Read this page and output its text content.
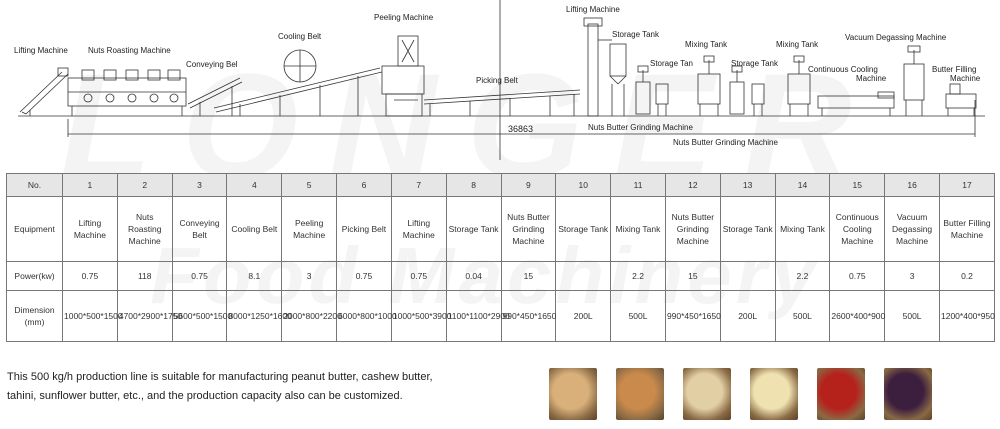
Lifting Machine	Nuts Roasting Machine
Conveying Bel
Cooling Belt
Peeling Machine
Picking Belt
Lifting Machine
Storage Tank
Storage Tan
Mixing Tank
Storage Tank
Mixing Tank
Vacuum Degassing Machine
Continuous Cooling
Machine
Butter Filling
Machine
36863	Nuts Butter Grinding Machine
Nuts Butter Grinding Machine
No.	1	2	3	4	5	6	7	8	9	10	11	12	13	14	15	16	17
Equipment	Lifting Machine	Nuts Roasting Machine	Conveying Belt	Cooling Belt	Peeling Machine	Picking Belt	Lifting Machine	Storage Tank	Nuts Butter Grinding Machine	Storage Tank	Mixing Tank	Nuts Butter Grinding Machine	Storage Tank	Mixing Tank	Continuous Cooling Machine	Vacuum Degassing Machine	Butter Filling Machine
Power(kw)	0.75	118	0.75	8.1	3	0.75	0.75	0.04	15		2.2	15		2.2	0.75	3	0.2
Dimension (mm)	1000*500*1500	4700*2900*1750	5600*500*1500	8000*1250*1600	2000*800*2200	6000*800*1000	1000*500*3900	1100*1100*2900	990*450*1650	200L	500L	990*450*1650	200L	500L	2600*400*900	500L	1200*400*950
This 500 kg/h production line is suitable for manufacturing peanut butter, cashew butter, tahini, sunflower butter, etc., and the production capacity also can be customized.
